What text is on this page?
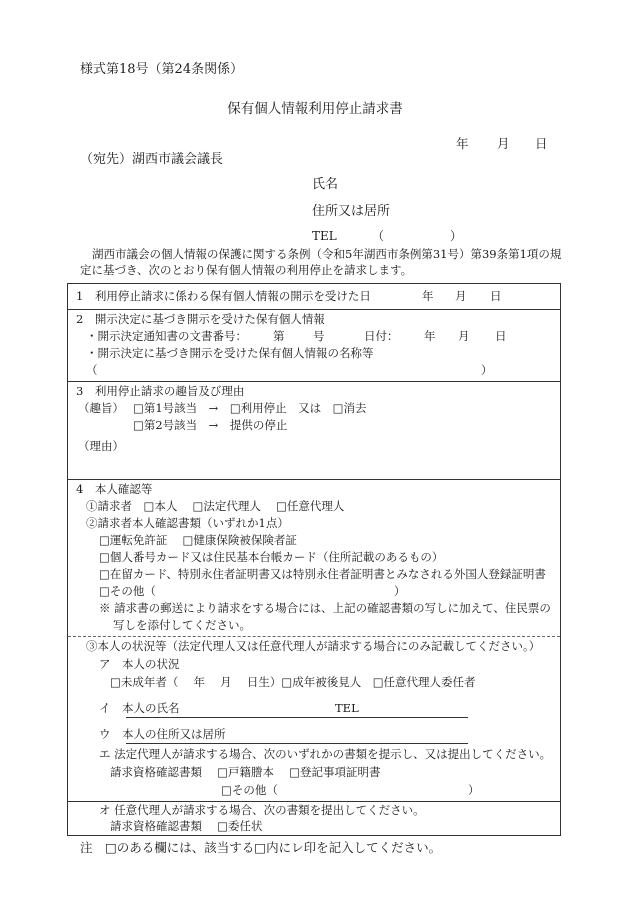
様式第18号（第24条関係）
保有個人情報利用停止請求書
年 月 日
（宛先）湖西市議会議長
氏名
住所又は居所
TEL	（	）
湖西市議会の個人情報の保護に関する条例（令和5年湖西市条例第31号）第39条第1項の規定に基づき、次のとおり保有個人情報の利用停止を請求します。
1　利用停止請求に係わる保有個人情報の開示を受けた日	年 月 日
2　開示決定に基づき開示を受けた保有個人情報
・開示決定通知書の文書番号： 第 号	日付： 年 月 日
・開示決定に基づき開示を受けた保有個人情報の名称等
（	）
3　利用停止請求の趣旨及び理由
（趣旨） □第1号該当　→　□利用停止　又は　□消去
□第2号該当　→　提供の停止
（理由）
4　本人確認等
①請求者　□本人　 □法定代理人　 □任意代理人
②請求者本人確認書類（いずれか1点）
□運転免許証　 □健康保険被保険者証
□個人番号カード又は住民基本台帳カード（住所記載のあるもの）
□在留カード、特別永住者証明書又は特別永住者証明書とみなされる外国人登録証明書
□その他（	）
※ 請求書の郵送により請求をする場合には、上記の確認書類の写しに加えて、住民票の
写しを添付してください。
③本人の状況等（法定代理人又は任意代理人が請求する場合にのみ記載してください。）
ア　本人の状況
□未成年者（　 年　 月　 日生）□成年被後見人　□任意代理人委任者
イ　本人の氏名	TEL
ウ　本人の住所又は居所
エ 法定代理人が請求する場合、次のいずれかの書類を提示し、又は提出してください。
請求資格確認書類　 □戸籍謄本　 □登記事項証明書
□その他（	）
オ 任意代理人が請求する場合、次の書類を提出してください。
請求資格確認書類　 □委任状
注　□のある欄には、該当する□内にレ印を記入してください。
